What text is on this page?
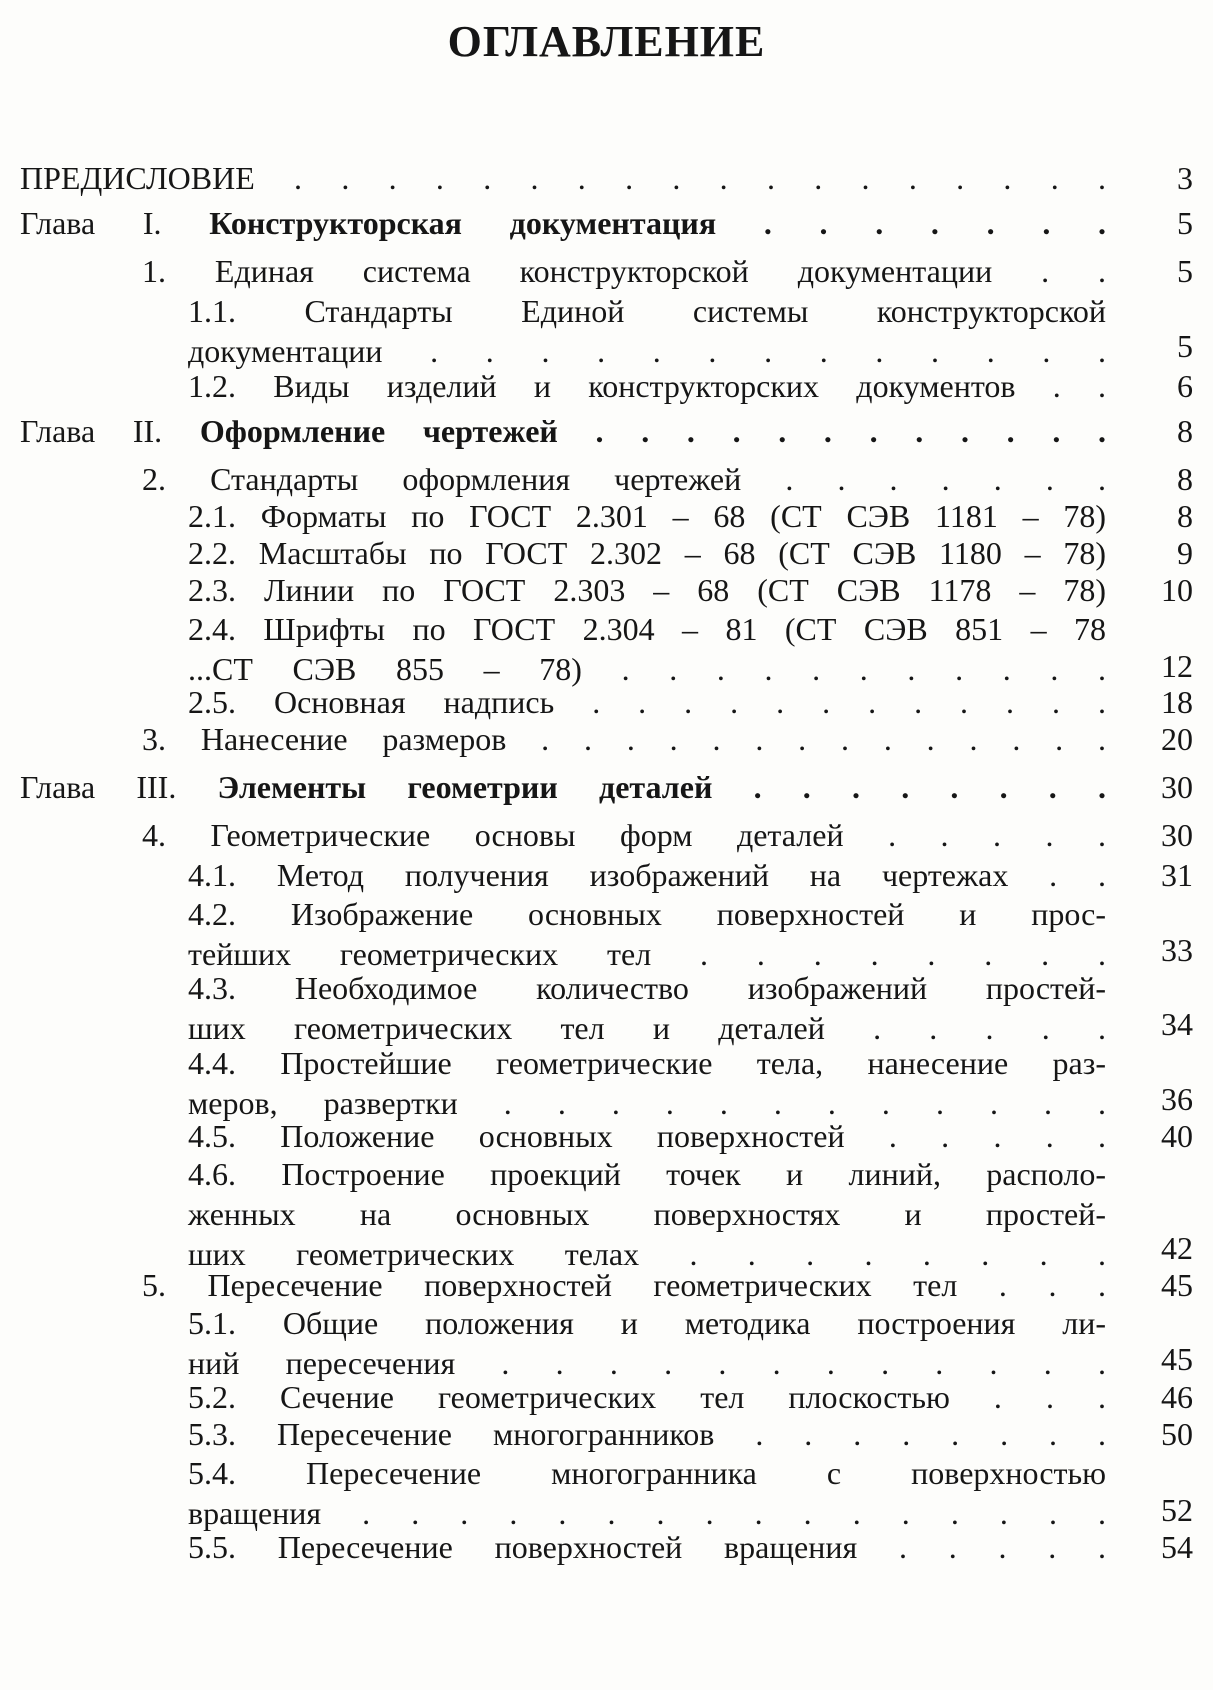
ОГЛАВЛЕНИЕ
ПРЕДИСЛОВИЕ . . . . . . . . . . . . . . . . . .	3
Глава I. Конструкторская документация . . . . . . .	5
1. Единая система конструкторской документации . .	5
1.1. Стандарты Единой системы конструкторской
документации . . . . . . . . . . . . .	5
1.2. Виды изделий и конструкторских документов . .	6
Глава II. Оформление чертежей . . . . . . . . . . . .	8
2. Стандарты оформления чертежей . . . . . . .	8
2.1. Форматы по ГОСТ 2.301 – 68 (СТ СЭВ 1181 – 78)	8
2.2. Масштабы по ГОСТ 2.302 – 68 (СТ СЭВ 1180 – 78)	9
2.3. Линии по ГОСТ 2.303 – 68 (СТ СЭВ 1178 – 78)	10
2.4. Шрифты по ГОСТ 2.304 – 81 (СТ СЭВ 851 – 78
...СТ СЭВ 855 – 78) . . . . . . . . . . .	12
2.5. Основная надпись . . . . . . . . . . . .	18
3. Нанесение размеров . . . . . . . . . . . . . .	20
Глава III. Элементы геометрии деталей . . . . . . . .	30
4. Геометрические основы форм деталей . . . . .	30
4.1. Метод получения изображений на чертежах . .	31
4.2. Изображение основных поверхностей и прос-
тейших геометрических тел . . . . . . . .	33
4.3. Необходимое количество изображений простей-
ших геометрических тел и деталей . . . . .	34
4.4. Простейшие геометрические тела, нанесение раз-
меров, развертки . . . . . . . . . . . .	36
4.5. Положение основных поверхностей . . . . .	40
4.6. Построение проекций точек и линий, располо-
женных на основных поверхностях и простей-
ших геометрических телах . . . . . . . .	42
5. Пересечение поверхностей геометрических тел . . .	45
5.1. Общие положения и методика построения ли-
ний пересечения . . . . . . . . . . . .	45
5.2. Сечение геометрических тел плоскостью . . .	46
5.3. Пересечение многогранников . . . . . . . .	50
5.4. Пересечение многогранника с поверхностью
вращения . . . . . . . . . . . . . . . .	52
5.5. Пересечение поверхностей вращения . . . . .	54
